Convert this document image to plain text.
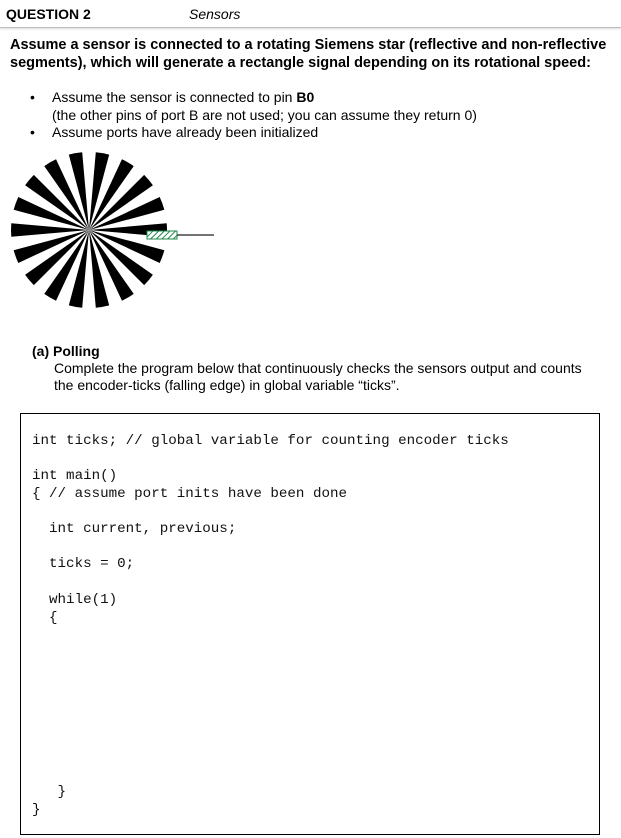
QUESTION 2	Sensors
Assume a sensor is connected to a rotating Siemens star (reflective and non-reflective segments), which will generate a rectangle signal depending on its rotational speed:
• Assume the sensor is connected to pin B0
(the other pins of port B are not used; you can assume they return 0)
• Assume ports have already been initialized
(a) Polling
Complete the program below that continuously checks the sensors output and counts the encoder-ticks (falling edge) in global variable “ticks”.
int ticks; // global variable for counting encoder ticks
int main()
{ // assume port inits have been done
int current, previous;
ticks = 0;
while(1)
{
}
}
